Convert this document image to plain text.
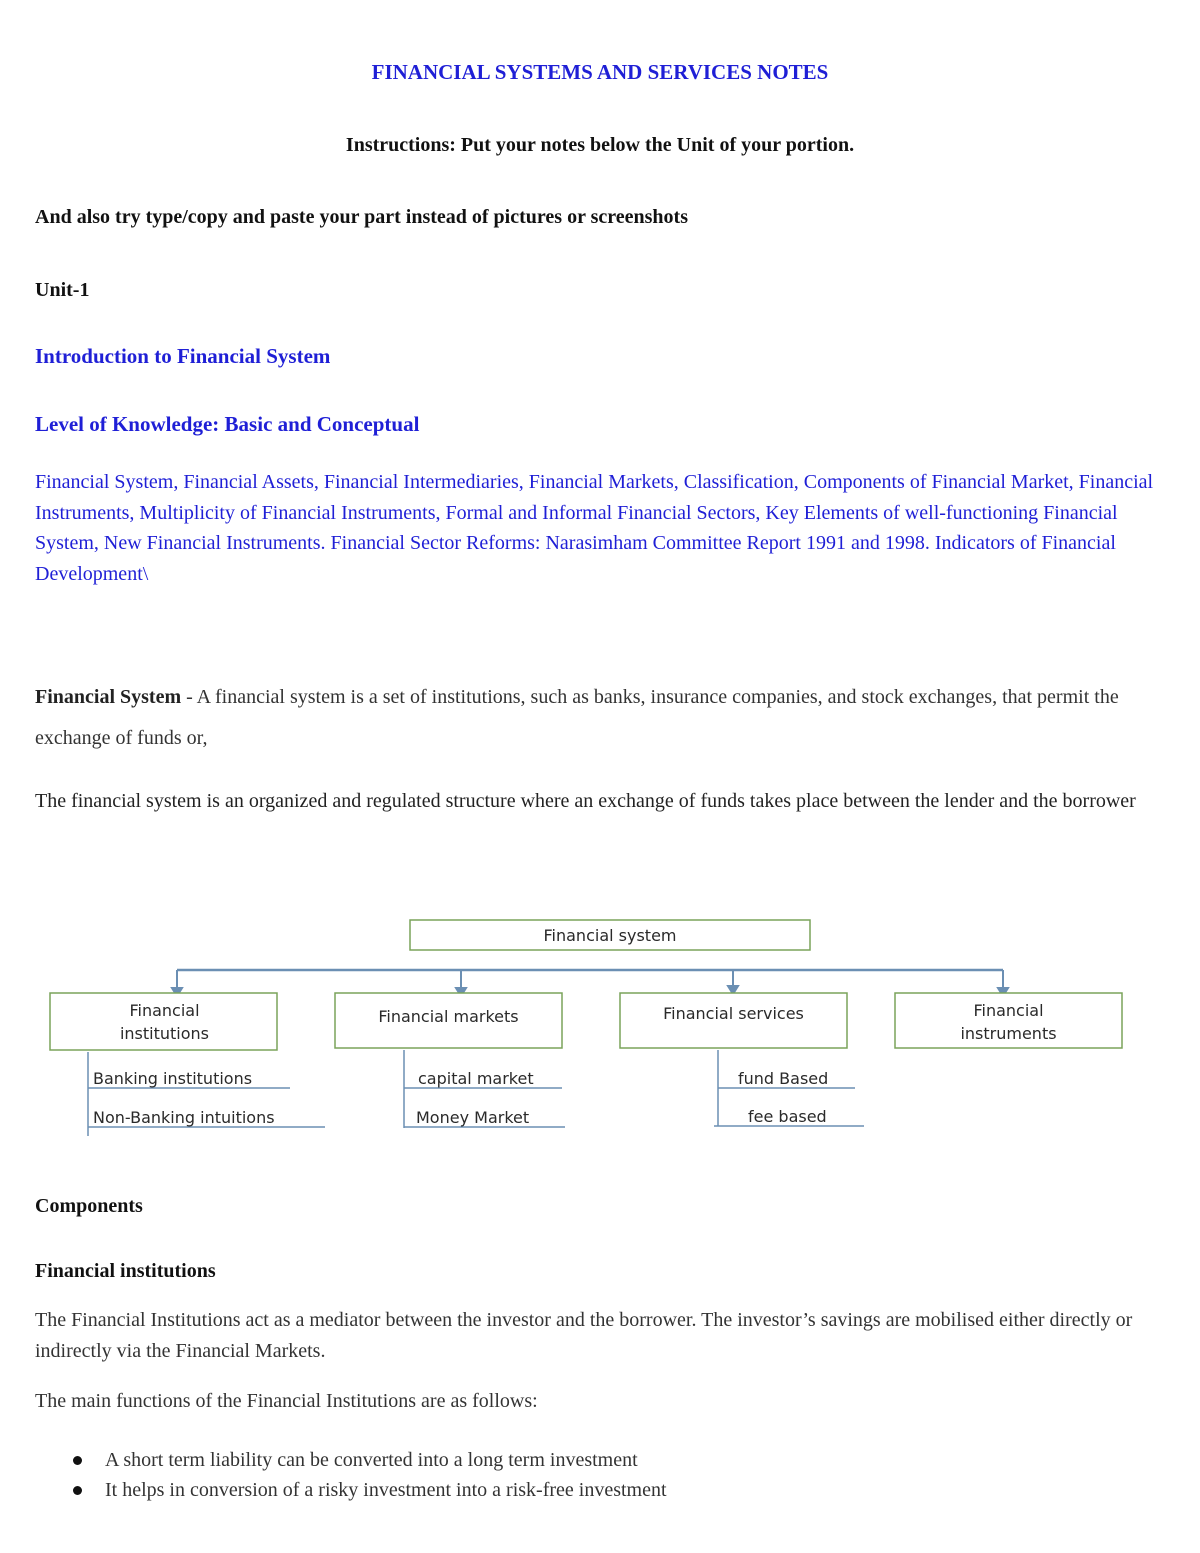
FINANCIAL SYSTEMS AND SERVICES NOTES
Instructions: Put your notes below the Unit of your portion.
And also try type/copy and paste your part instead of pictures or screenshots
Unit-1
Introduction to Financial System
Level of Knowledge: Basic and Conceptual
Financial System, Financial Assets, Financial Intermediaries, Financial Markets, Classification, Components of Financial Market, Financial Instruments, Multiplicity of Financial Instruments, Formal and Informal Financial Sectors, Key Elements of well-functioning Financial System, New Financial Instruments. Financial Sector Reforms: Narasimham Committee Report 1991 and 1998. Indicators of Financial Development\
Financial System - A financial system is a set of institutions, such as banks, insurance companies, and stock exchanges, that permit the exchange of funds or,
The financial system is an organized and regulated structure where an exchange of funds takes place between the lender and the borrower
Financial system
Financial institutions
Financial markets	Financial services	Financial instruments
Banking institutions
Non-Banking intuitions
capital market
Money Market
fund Based
fee based
Components
Financial institutions
The Financial Institutions act as a mediator between the investor and the borrower. The investor’s savings are mobilised either directly or indirectly via the Financial Markets.
The main functions of the Financial Institutions are as follows:
A short term liability can be converted into a long term investment
It helps in conversion of a risky investment into a risk-free investment
